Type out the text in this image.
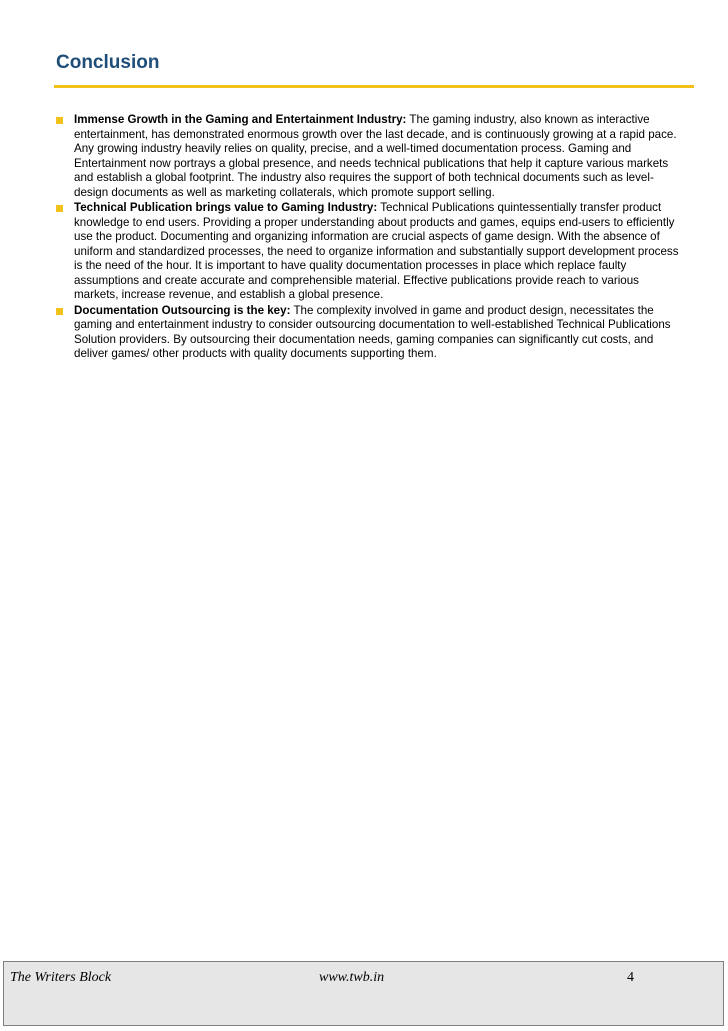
Conclusion
Immense Growth in the Gaming and Entertainment Industry: The gaming industry, also known as interactive entertainment, has demonstrated enormous growth over the last decade, and is continuously growing at a rapid pace. Any growing industry heavily relies on quality, precise, and a well-timed documentation process. Gaming and Entertainment now portrays a global presence, and needs technical publications that help it capture various markets and establish a global footprint. The industry also requires the support of both technical documents such as level-design documents as well as marketing collaterals, which promote support selling.
Technical Publication brings value to Gaming Industry: Technical Publications quintessentially transfer product knowledge to end users. Providing a proper understanding about products and games, equips end-users to efficiently use the product. Documenting and organizing information are crucial aspects of game design. With the absence of uniform and standardized processes, the need to organize information and substantially support development process is the need of the hour. It is important to have quality documentation processes in place which replace faulty assumptions and create accurate and comprehensible material. Effective publications provide reach to various markets, increase revenue, and establish a global presence.
Documentation Outsourcing is the key: The complexity involved in game and product design, necessitates the gaming and entertainment industry to consider outsourcing documentation to well-established Technical Publications Solution providers. By outsourcing their documentation needs, gaming companies can significantly cut costs, and deliver games/ other products with quality documents supporting them.
The Writers Block	www.twb.in	4
